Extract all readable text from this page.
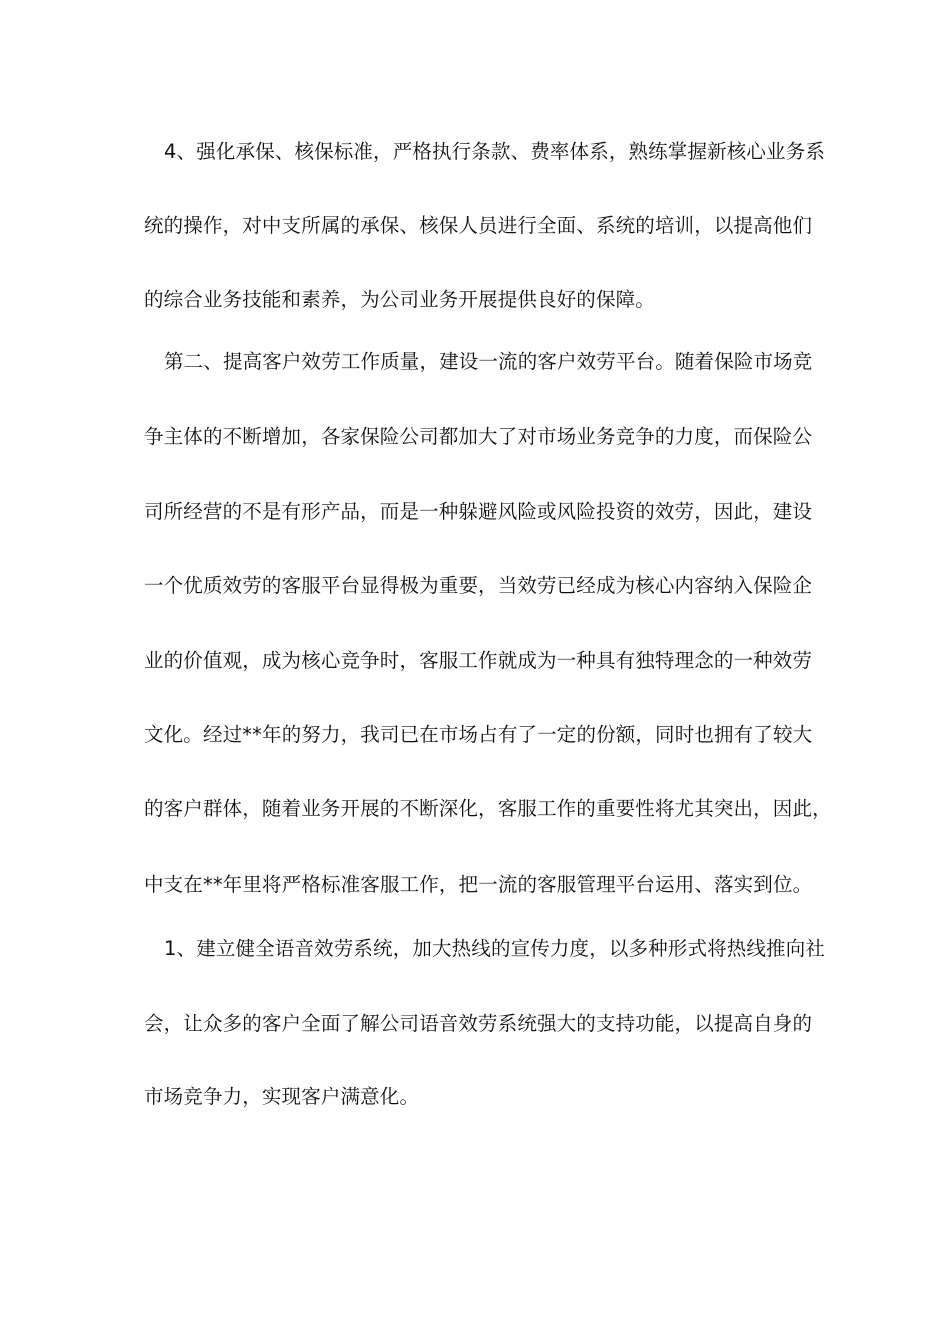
4、强化承保、核保标准，严格执行条款、费率体系，熟练掌握新核心业务系
统的操作，对中支所属的承保、核保人员进行全面、系统的培训，以提高他们
的综合业务技能和素养，为公司业务开展提供良好的保障。
第二、提高客户效劳工作质量，建设一流的客户效劳平台。随着保险市场竞
争主体的不断增加，各家保险公司都加大了对市场业务竞争的力度，而保险公
司所经营的不是有形产品，而是一种躲避风险或风险投资的效劳，因此，建设
一个优质效劳的客服平台显得极为重要，当效劳已经成为核心内容纳入保险企
业的价值观，成为核心竞争时，客服工作就成为一种具有独特理念的一种效劳
文化。经过**年的努力，我司已在市场占有了一定的份额，同时也拥有了较大
的客户群体，随着业务开展的不断深化，客服工作的重要性将尤其突出，因此，
中支在**年里将严格标准客服工作，把一流的客服管理平台运用、落实到位。
1、建立健全语音效劳系统，加大热线的宣传力度，以多种形式将热线推向社
会，让众多的客户全面了解公司语音效劳系统强大的支持功能，以提高自身的
市场竞争力，实现客户满意化。
